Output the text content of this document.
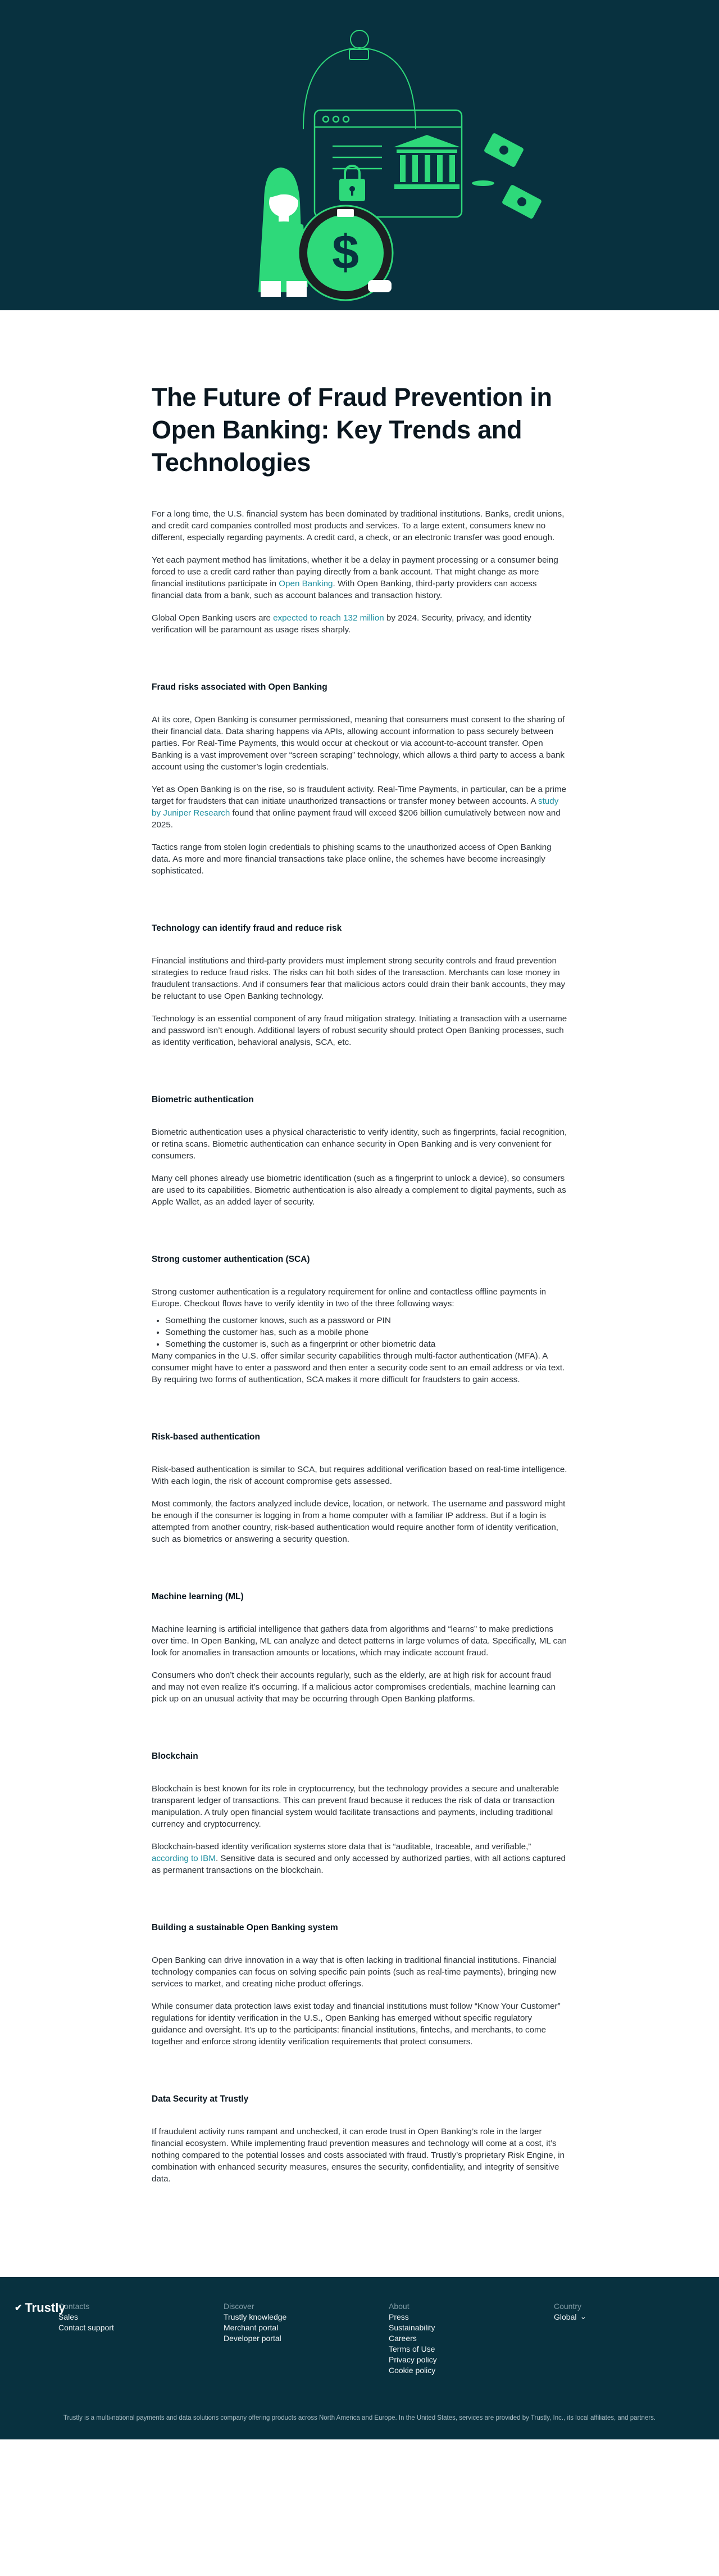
$
The Future of Fraud Prevention in Open Banking: Key Trends and Technologies

For a long time, the U.S. financial system has been dominated by traditional institutions. Banks, credit unions, and credit card companies controlled most products and services. To a large extent, consumers knew no different, especially regarding payments. A credit card, a check, or an electronic transfer was good enough.

Yet each payment method has limitations, whether it be a delay in payment processing or a consumer being forced to use a credit card rather than paying directly from a bank account. That might change as more financial institutions participate in Open Banking. With Open Banking, third-party providers can access financial data from a bank, such as account balances and transaction history.

Global Open Banking users are expected to reach 132 million by 2024. Security, privacy, and identity verification will be paramount as usage rises sharply.

Fraud risks associated with Open Banking

At its core, Open Banking is consumer permissioned, meaning that consumers must consent to the sharing of their financial data. Data sharing happens via APIs, allowing account information to pass securely between parties. For Real-Time Payments, this would occur at checkout or via account-to-account transfer. Open Banking is a vast improvement over “screen scraping” technology, which allows a third party to access a bank account using the customer’s login credentials.

Yet as Open Banking is on the rise, so is fraudulent activity. Real-Time Payments, in particular, can be a prime target for fraudsters that can initiate unauthorized transactions or transfer money between accounts. A study by Juniper Research found that online payment fraud will exceed $206 billion cumulatively between now and 2025.

Tactics range from stolen login credentials to phishing scams to the unauthorized access of Open Banking data. As more and more financial transactions take place online, the schemes have become increasingly sophisticated.

Technology can identify fraud and reduce risk

Financial institutions and third-party providers must implement strong security controls and fraud prevention strategies to reduce fraud risks. The risks can hit both sides of the transaction. Merchants can lose money in fraudulent transactions. And if consumers fear that malicious actors could drain their bank accounts, they may be reluctant to use Open Banking technology.

Technology is an essential component of any fraud mitigation strategy. Initiating a transaction with a username and password isn’t enough. Additional layers of robust security should protect Open Banking processes, such as identity verification, behavioral analysis, SCA, etc.

Biometric authentication

Biometric authentication uses a physical characteristic to verify identity, such as fingerprints, facial recognition, or retina scans. Biometric authentication can enhance security in Open Banking and is very convenient for consumers.

Many cell phones already use biometric identification (such as a fingerprint to unlock a device), so consumers are used to its capabilities. Biometric authentication is also already a complement to digital payments, such as Apple Wallet, as an added layer of security.

Strong customer authentication (SCA)

Strong customer authentication is a regulatory requirement for online and contactless offline payments in Europe. Checkout flows have to verify identity in two of the three following ways:

• Something the customer knows, such as a password or PIN
• Something the customer has, such as a mobile phone
• Something the customer is, such as a fingerprint or other biometric data

Many companies in the U.S. offer similar security capabilities through multi-factor authentication (MFA). A consumer might have to enter a password and then enter a security code sent to an email address or via text. By requiring two forms of authentication, SCA makes it more difficult for fraudsters to gain access.

Risk-based authentication

Risk-based authentication is similar to SCA, but requires additional verification based on real-time intelligence. With each login, the risk of account compromise gets assessed.

Most commonly, the factors analyzed include device, location, or network. The username and password might be enough if the consumer is logging in from a home computer with a familiar IP address. But if a login is attempted from another country, risk-based authentication would require another form of identity verification, such as biometrics or answering a security question.

Machine learning (ML)

Machine learning is artificial intelligence that gathers data from algorithms and “learns” to make predictions over time. In Open Banking, ML can analyze and detect patterns in large volumes of data. Specifically, ML can look for anomalies in transaction amounts or locations, which may indicate account fraud.

Consumers who don’t check their accounts regularly, such as the elderly, are at high risk for account fraud and may not even realize it’s occurring. If a malicious actor compromises credentials, machine learning can pick up on an unusual activity that may be occurring through Open Banking platforms.

Blockchain

Blockchain is best known for its role in cryptocurrency, but the technology provides a secure and unalterable transparent ledger of transactions. This can prevent fraud because it reduces the risk of data or transaction manipulation. A truly open financial system would facilitate transactions and payments, including traditional currency and cryptocurrency.

Blockchain-based identity verification systems store data that is “auditable, traceable, and verifiable,” according to IBM. Sensitive data is secured and only accessed by authorized parties, with all actions captured as permanent transactions on the blockchain.

Building a sustainable Open Banking system

Open Banking can drive innovation in a way that is often lacking in traditional financial institutions. Financial technology companies can focus on solving specific pain points (such as real-time payments), bringing new services to market, and creating niche product offerings.

While consumer data protection laws exist today and financial institutions must follow “Know Your Customer” regulations for identity verification in the U.S., Open Banking has emerged without specific regulatory guidance and oversight. It’s up to the participants: financial institutions, fintechs, and merchants, to come together and enforce strong identity verification requirements that protect consumers.

Data Security at Trustly

If fraudulent activity runs rampant and unchecked, it can erode trust in Open Banking’s role in the larger financial ecosystem. While implementing fraud prevention measures and technology will come at a cost, it’s nothing compared to the potential losses and costs associated with fraud. Trustly’s proprietary Risk Engine, in combination with enhanced security measures, ensures the security, confidentiality, and integrity of sensitive data.

✔ Trustly
Contacts
Sales
Contact support
Discover
Trustly knowledge
Merchant portal
Developer portal
About
Press
Sustainability
Careers
Terms of Use
Privacy policy
Cookie policy
Country
Global ⌄
Trustly is a multi-national payments and data solutions company offering products across North America and Europe. In the United States, services are provided by Trustly, Inc., its local affiliates, and partners.
